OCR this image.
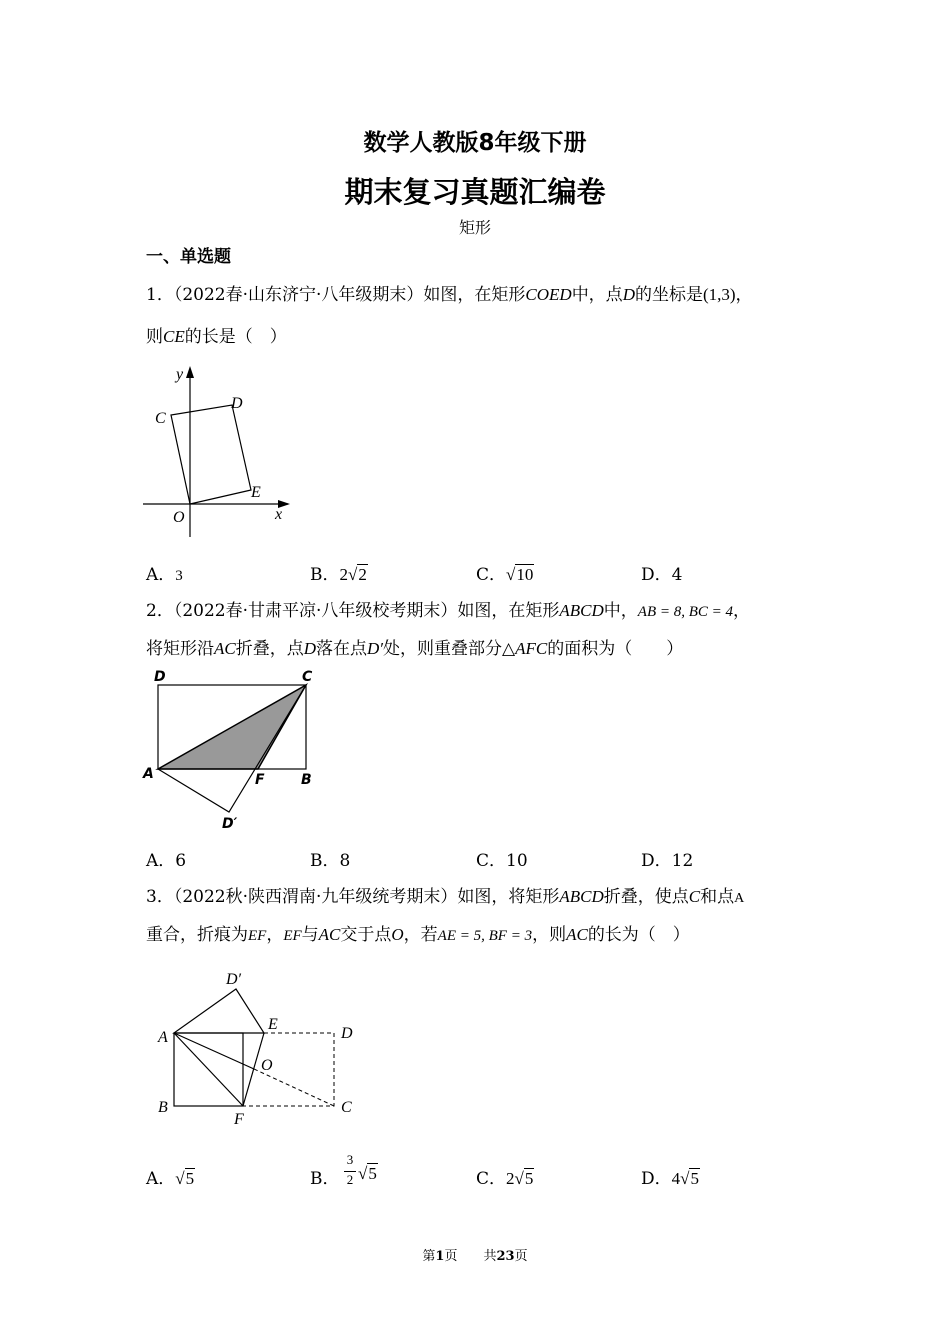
数学人教版8年级下册
期末复习真题汇编卷
矩形
一、单选题
1．（2022春·山东济宁·八年级期末）如图，在矩形COED中，点D的坐标是(1,3)，
则CE的长是（　）
y
x
O
C
D
E
A．3	B．2√2	C．√10	D．4
2．（2022春·甘肃平凉·八年级校考期末）如图，在矩形ABCD中，AB = 8, BC = 4，
将矩形沿AC折叠，点D落在点D′处，则重叠部分△AFC的面积为（　　）
D	C
A	F	B
D′
A．6	B．8	C．10	D．12
3．（2022秋·陕西渭南·九年级统考期末）如图，将矩形ABCD折叠，使点C和点A
重合，折痕为EF，EF与AC交于点O，若AE = 5, BF = 3，则AC的长为（　）
D′
A
E
D
O
B
F
C
A．√5	B．
3
2 √5	C．2√5	D．4√5
第1页　　共23页
